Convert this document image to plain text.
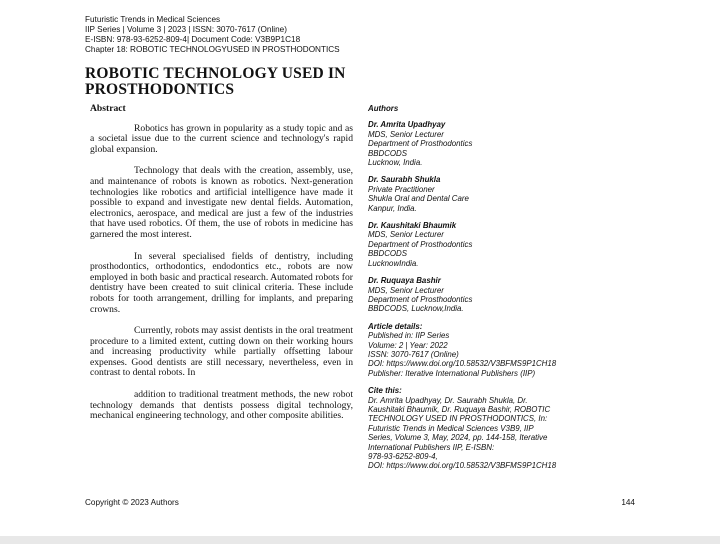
Futuristic Trends in Medical Sciences
IIP Series | Volume 3 | 2023 | ISSN: 3070-7617 (Online)
E-ISBN: 978-93-6252-809-4| Document Code: V3B9P1C18
Chapter 18: ROBOTIC TECHNOLOGYUSED IN PROSTHODONTICS
ROBOTIC TECHNOLOGY USED IN
PROSTHODONTICS
Abstract

Robotics has grown in popularity as a study topic and as a societal issue due to the current science and technology's rapid global expansion.

Technology that deals with the creation, assembly, use, and maintenance of robots is known as robotics. Next-generation technologies like robotics and artificial intelligence have made it possible to expand and investigate new dental fields. Automation, electronics, aerospace, and medical are just a few of the industries that have used robotics. Of them, the use of robots in medicine has garnered the most interest.

In several specialised fields of dentistry, including prosthodontics, orthodontics, endodontics etc., robots are now employed in both basic and practical research. Automated robots for dentistry have been created to suit clinical criteria. These include robots for tooth arrangement, drilling for implants, and preparing crowns.

Currently, robots may assist dentists in the oral treatment procedure to a limited extent, cutting down on their working hours and increasing productivity while partially offsetting labour expenses. Good dentists are still necessary, nevertheless, even in contrast to dental robots. In

addition to traditional treatment methods, the new robot technology demands that dentists possess digital technology, mechanical engineering technology, and other composite abilities.

Authors
Dr. Amrita Upadhyay
MDS, Senior Lecturer
Department of Prosthodontics
BBDCODS
Lucknow, India.
Dr. Saurabh Shukla
Private Practitioner
Shukla Oral and Dental Care
Kanpur, India.
Dr. Kaushitaki Bhaumik
MDS, Senior Lecturer
Department of Prosthodontics
BBDCODS
LucknowIndia.
Dr. Ruquaya Bashir
MDS, Senior Lecturer
Department of Prosthodontics
BBDCODS, Lucknow,India.
Article details:
Published in: IIP Series
Volume: 2 | Year: 2022
ISSN: 3070-7617 (Online)
DOI: https://www.doi.org/10.58532/V3BFMS9P1CH18
Publisher: Iterative International Publishers (IIP)
Cite this:
Dr. Amrita Upadhyay, Dr. Saurabh Shukla, Dr.
Kaushitaki Bhaumik, Dr. Ruquaya Bashir, ROBOTIC
TECHNOLOGY USED IN PROSTHODONTICS, In:
Futuristic Trends in Medical Sciences V3B9, IIP
Series, Volume 3, May, 2024, pp. 144-158, Iterative
International Publishers IIP, E-ISBN:
978-93-6252-809-4,
DOI: https://www.doi.org/10.58532/V3BFMS9P1CH18
Copyright © 2023 Authors	144
